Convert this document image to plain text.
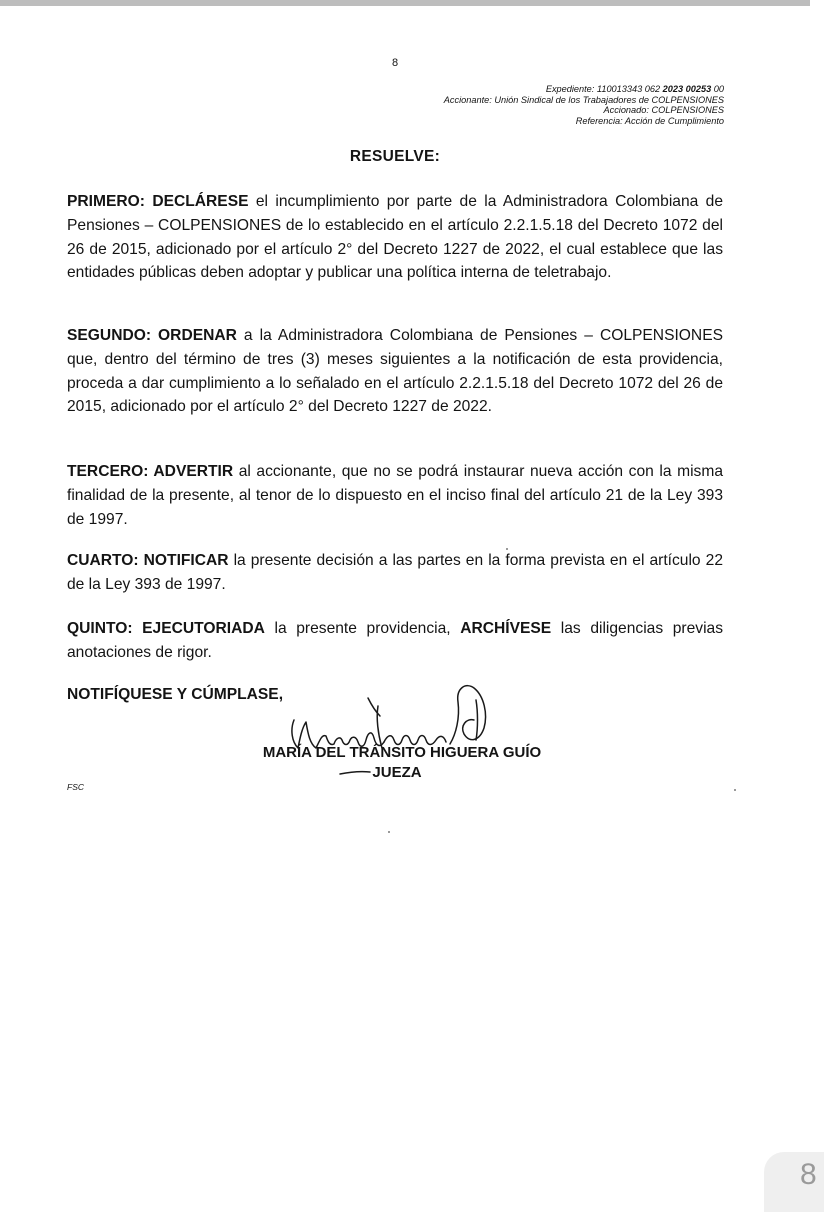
8
Expediente: 110013343 062 2023 00253 00
Accionante: Unión Sindical de los Trabajadores de COLPENSIONES
Accionado: COLPENSIONES
Referencia: Acción de Cumplimiento
RESUELVE:
PRIMERO: DECLÁRESE el incumplimiento por parte de la Administradora Colombiana de Pensiones – COLPENSIONES de lo establecido en el artículo 2.2.1.5.18 del Decreto 1072 del 26 de 2015, adicionado por el artículo 2° del Decreto 1227 de 2022, el cual establece que las entidades públicas deben adoptar y publicar una política interna de teletrabajo.
SEGUNDO: ORDENAR a la Administradora Colombiana de Pensiones – COLPENSIONES que, dentro del término de tres (3) meses siguientes a la notificación de esta providencia, proceda a dar cumplimiento a lo señalado en el artículo 2.2.1.5.18 del Decreto 1072 del 26 de 2015, adicionado por el artículo 2° del Decreto 1227 de 2022.
TERCERO: ADVERTIR al accionante, que no se podrá instaurar nueva acción con la misma finalidad de la presente, al tenor de lo dispuesto en el inciso final del artículo 21 de la Ley 393 de 1997.
CUARTO: NOTIFICAR la presente decisión a las partes en la forma prevista en el artículo 22 de la Ley 393 de 1997.
QUINTO: EJECUTORIADA la presente providencia, ARCHÍVESE las diligencias previas anotaciones de rigor.
NOTIFÍQUESE Y CÚMPLASE,
MARÍA DEL TRÁNSITO HIGUERA GUÍO
JUEZA
FSC
8
